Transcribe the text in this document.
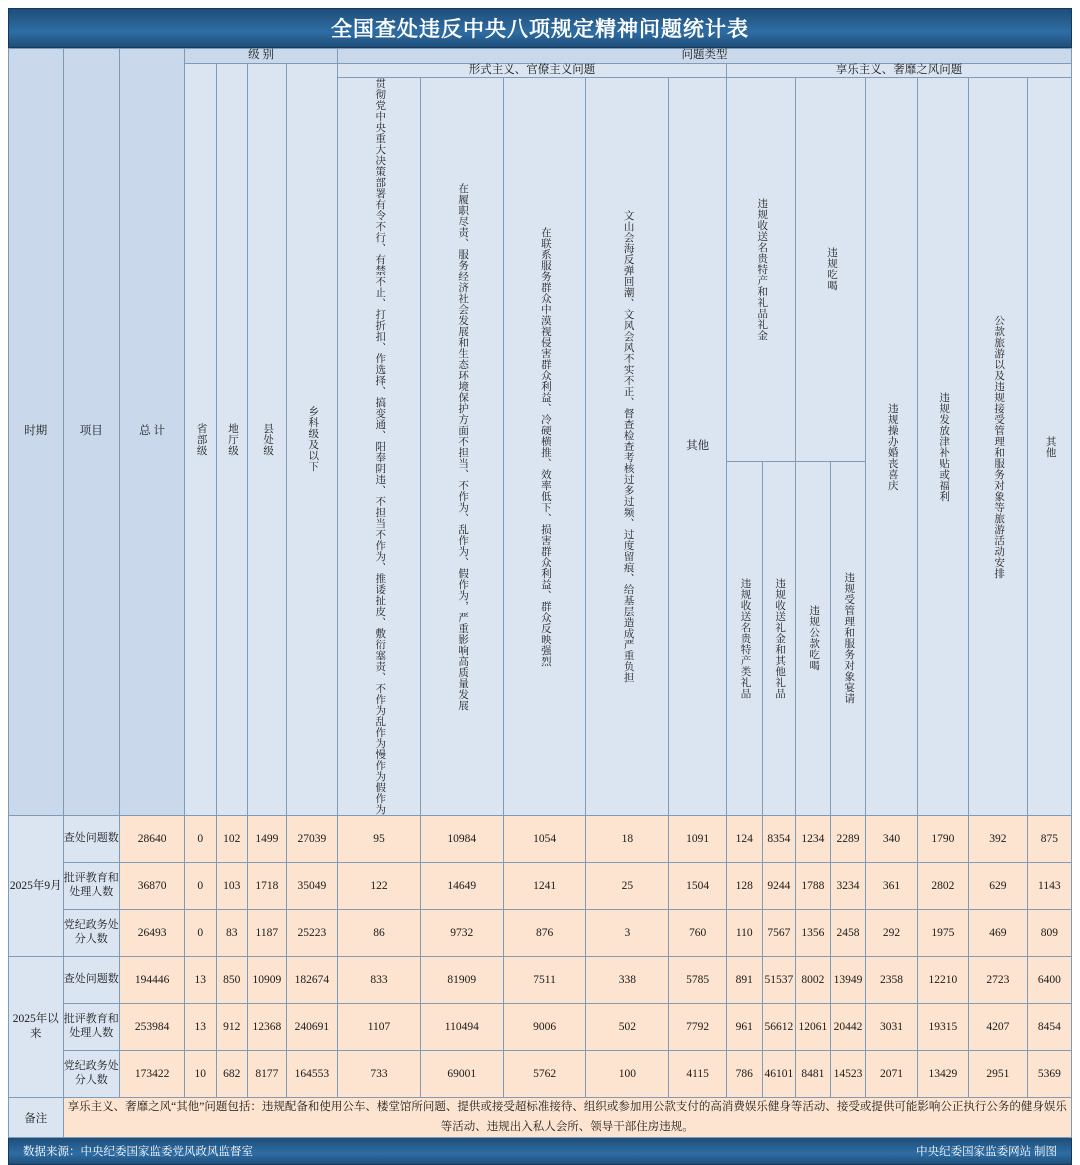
全国查处违反中央八项规定精神问题统计表
时期	项目	总 计	级 别				问题类型												

			省部级	地厅级	县处级	乡科级及以下	形式主义、官僚主义问题					享乐主义、奢靡之风问题							

							贯彻党中央重大决策部署有令不行、有禁不止、打折扣、作选择、搞变通、阳奉阴违、不担当不作为、推诿扯皮、敷衍塞责、不作为乱作为慢作为假作为	在履职尽责、服务经济社会发展和生态环境保护方面不担当、不作为、乱作为、假作为，严重影响高质量发展	在联系服务群众中漠视侵害群众利益、冷硬横推、效率低下、损害群众利益、群众反映强烈	文山会海反弹回潮、文风会风不实不正、督查检查考核过多过频、过度留痕、给基层造成严重负担	其他	违规收送名贵特产和礼品礼金		违规吃喝		违规操办婚丧喜庆	违规发放津补贴或福利	公款旅游以及违规接受管理和服务对象等旅游活动安排	其他

												违规收送名贵特产类礼品	违规收送礼金和其他礼品	违规公款吃喝	违规受管理和服务对象宴请				

2025年9月	查处问题数	28640	0	102	1499	27039	95	10984	1054	18	1091	124	8354	1234	2289	340	1790	392	875
	批评教育和处理人数	36870	0	103	1718	35049	122	14649	1241	25	1504	128	9244	1788	3234	361	2802	629	1143
	党纪政务处分人数	26493	0	83	1187	25223	86	9732	876	3	760	110	7567	1356	2458	292	1975	469	809
2025年以来	查处问题数	194446	13	850	10909	182674	833	81909	7511	338	5785	891	51537	8002	13949	2358	12210	2723	6400
	批评教育和处理人数	253984	13	912	12368	240691	1107	110494	9006	502	7792	961	56612	12061	20442	3031	19315	4207	8454
	党纪政务处分人数	173422	10	682	8177	164553	733	69001	5762	100	4115	786	46101	8481	14523	2071	13429	2951	5369
备注	享乐主义、奢靡之风“其他”问题包括：违规配备和使用公车、楼堂馆所问题、提供或接受超标准接待、组织或参加用公款支付的高消费娱乐健身等活动、接受或提供可能影响公正执行公务的健身娱乐等活动、违规出入私人会所、领导干部住房违规。																		
数据来源：中央纪委国家监委党风政风监督室	中央纪委国家监委网站 制图
